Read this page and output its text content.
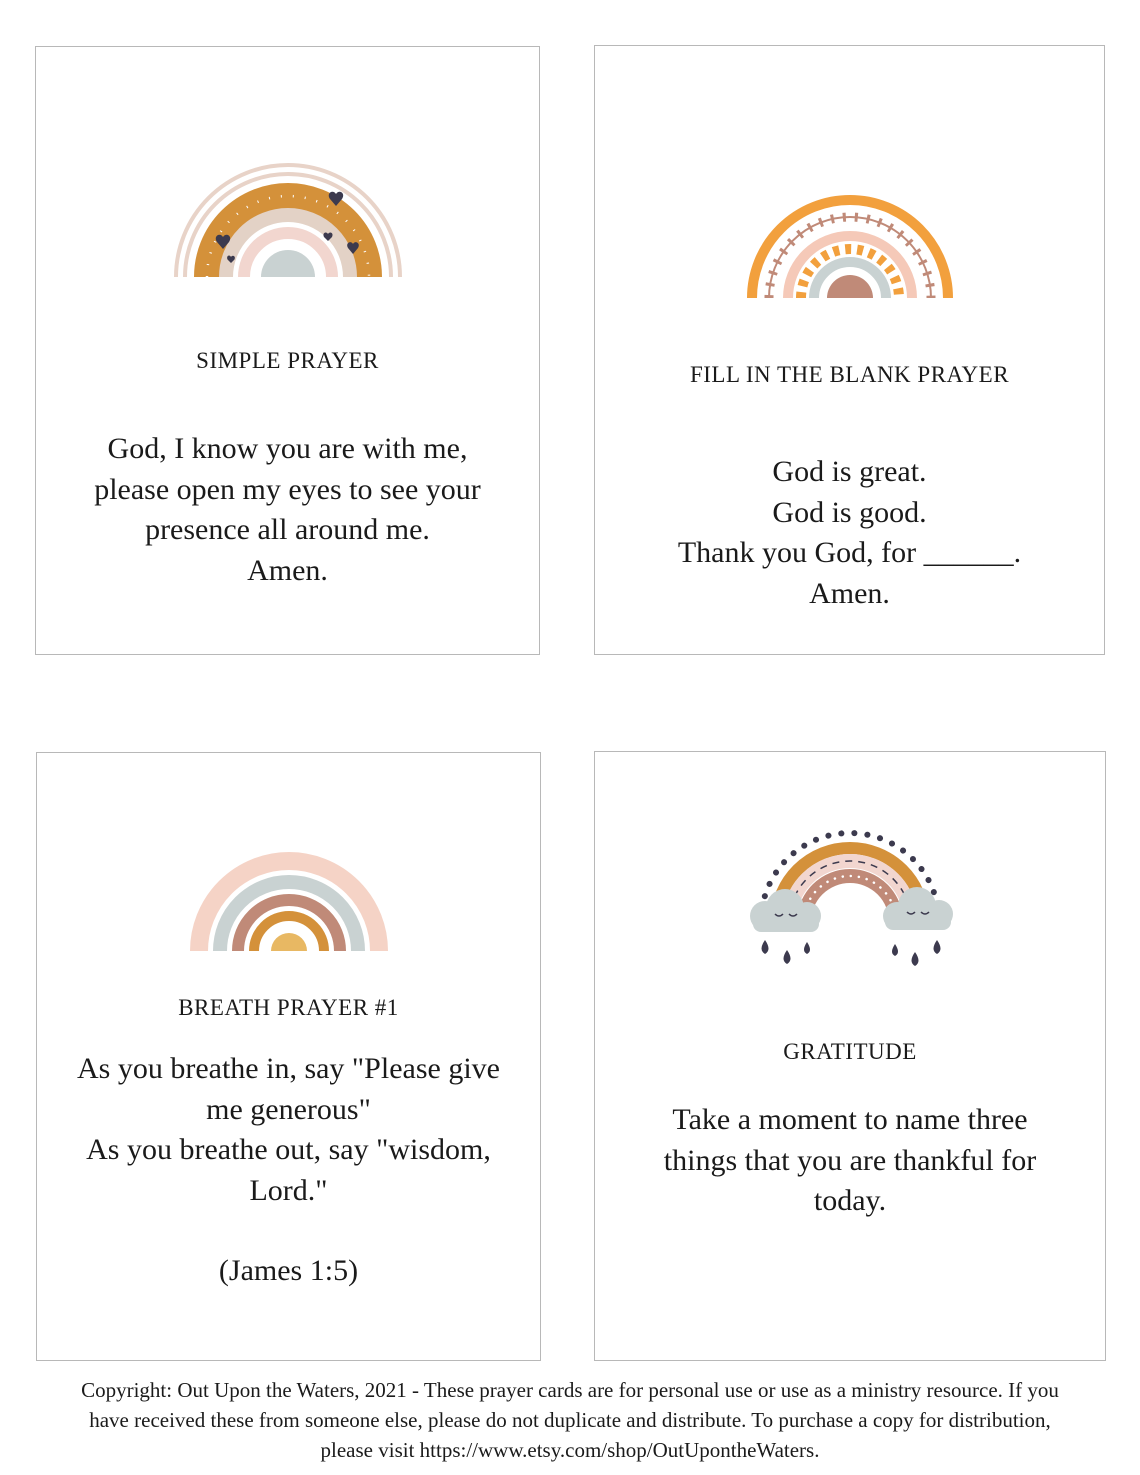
SIMPLE PRAYER
God, I know you are with me,
please open my eyes to see your
presence all around me.
Amen.
FILL IN THE BLANK PRAYER
God is great.
God is good.
Thank you God, for ______.
Amen.
BREATH PRAYER #1
As you breathe in, say "Please give
me generous"
As you breathe out, say "wisdom,
Lord."
(James 1:5)
GRATITUDE
Take a moment to name three
things that you are thankful for
today.
Copyright: Out Upon the Waters, 2021 - These prayer cards are for personal use or use as a ministry resource. If you
have received these from someone else, please do not duplicate and distribute. To purchase a copy for distribution,
please visit https://www.etsy.com/shop/OutUpontheWaters.
